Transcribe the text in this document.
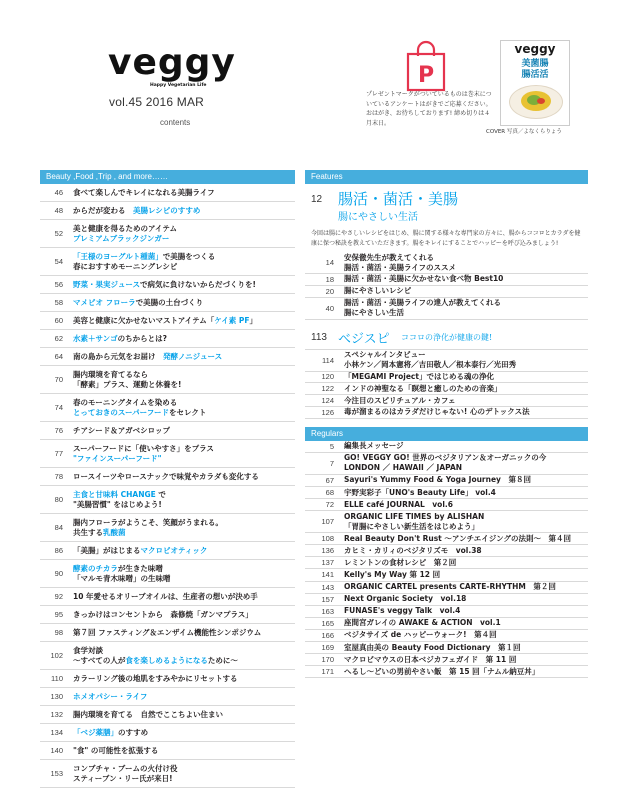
veggy
Happy Vegetarian Life
vol.45 2016 MAR
contents
P
プレゼントマークがついているものは巻末についているアンケートはがきでご応募ください。おはがき、お待ちしております! 締め切りは４月末日。
veggy
美菌腸
腸活活
COVER 写真／よなくらりょう
Beauty ,Food ,Trip , and more……
46	食べて楽しんでキレイになれる美腸ライフ
48	からだが変わる　美腸レシピのすすめ
52
美と健康を得るためのアイテム
プレミアムブラックジンガー
54
「王様のヨーグルト種菌」で美腸をつくる
春におすすめモーニングレシピ
56	野菜・果実ジュースで病気に負けないからだづくりを!
58	マメビオ フローラで美腸の土台づくり
60	美容と健康に欠かせないマストアイテム「ケイ素 PF」
62	水素＋サンゴのちからとは?
64	南の島から元気をお届け　発酵ノニジュース
70
腸内環境を育てるなら
「酵素」プラス、運動と休養を!
74
春のモーニングタイムを染める
とっておきのスーパーフードをセレクト
76	チアシード＆アガベシロップ
77
スーパーフードに「使いやすさ」をプラス
"ファインスーパーフード"
78	ロースイーツやロースナックで味覚やカラダも変化する
80
主食と甘味料 CHANGE で
"美腸習慣" をはじめよう!
84
腸内フローラがようこそ、笑顔がうまれる。
共生する乳酸菌
86	「美腸」がはじまるマクロビオティック
90
酵素のチカラが生きた味噌
「マルモ青木味噌」の生味噌
92	10 年愛せるオリーブオイルは、生産者の想いが決め手
95	きっかけはコンセントから　森修焼「ガンマプラス」
98	第７回 ファスティング＆エンザイム機能性シンポジウム
102
食学対談
～すべての人が食を楽しめるようになるために～
110	カラーリング後の地肌をすみやかにリセットする
130	ホメオパシー・ライフ
132	腸内環境を育てる　自然でここちよい住まい
134	「ベジ薬膳」のすすめ
140	"食" の可能性を拡張する
153
コンブチャ・ブームの火付け役
スティーブン・リー氏が来日!
Features
12 腸活・菌活・美腸
腸にやさしい生活
今回は腸にやさしいレシピをはじめ、腸に関する様々な専門家の方々に、腸からココロとカラダを健康に保つ秘訣を教えていただきます。腸をキレイにすることでハッピーを呼び込みましょう!
14
安保徹先生が教えてくれる
腸活・菌活・美腸ライフのススメ
18	腸活・菌活・美腸に欠かせない食べ物 Best10
20	腸にやさしいレシピ
40
腸活・菌活・美腸ライフの達人が教えてくれる
腸にやさしい生活
113 ベジスピ ココロの浄化が健康の鍵!
114
スペシャルインタビュー
小林ケン／岡本憲将／吉田敬人／根本泰行／光田秀
120	「MEGAMI Project」ではじめる魂の浄化
122	インドの神聖なる「瞑想と癒しのための音楽」
124	今注目のスピリチュアル・カフェ
126	毒が溜まるのはカラダだけじゃない! 心のデトックス法
Regulars
5	編集長メッセージ
7
GO! VEGGY GO! 世界のベジタリアン＆オーガニックの今
LONDON ／ HAWAII ／ JAPAN
67	Sayuri's Yummy Food & Yoga Journey　第８回
68	宇野実彩子「UNO's Beauty Life」 vol.4
72	ELLE café JOURNAL　vol.6
107
ORGANIC LIFE TIMES by ALISHAN
「胃腸にやさしい新生活をはじめよう」
108	Real Beauty Don't Rust ～アンチエイジングの法則～　第４回
136	カヒミ・カリィのベジタリズモ　vol.38
137	レミントンの食材レシピ　第２回
141	Kelly's My Way 第 12 回
143	ORGANIC CARTEL presents CARTE-RHYTHM　第２回
157	Next Organic Society　vol.18
163	FUNASE's veggy Talk　vol.4
165	座間宮ガレイの AWAKE & ACTION　vol.1
166	ベジタサイズ de ハッピーウォーク!　第４回
169	室屋真由美の Beauty Food Dictionary　第１回
170	マクロビマウスの日本ベジカフェガイド　第 11 回
171	へるし～どいの男前やさい飯　第 15 回「ナムル納豆丼」
